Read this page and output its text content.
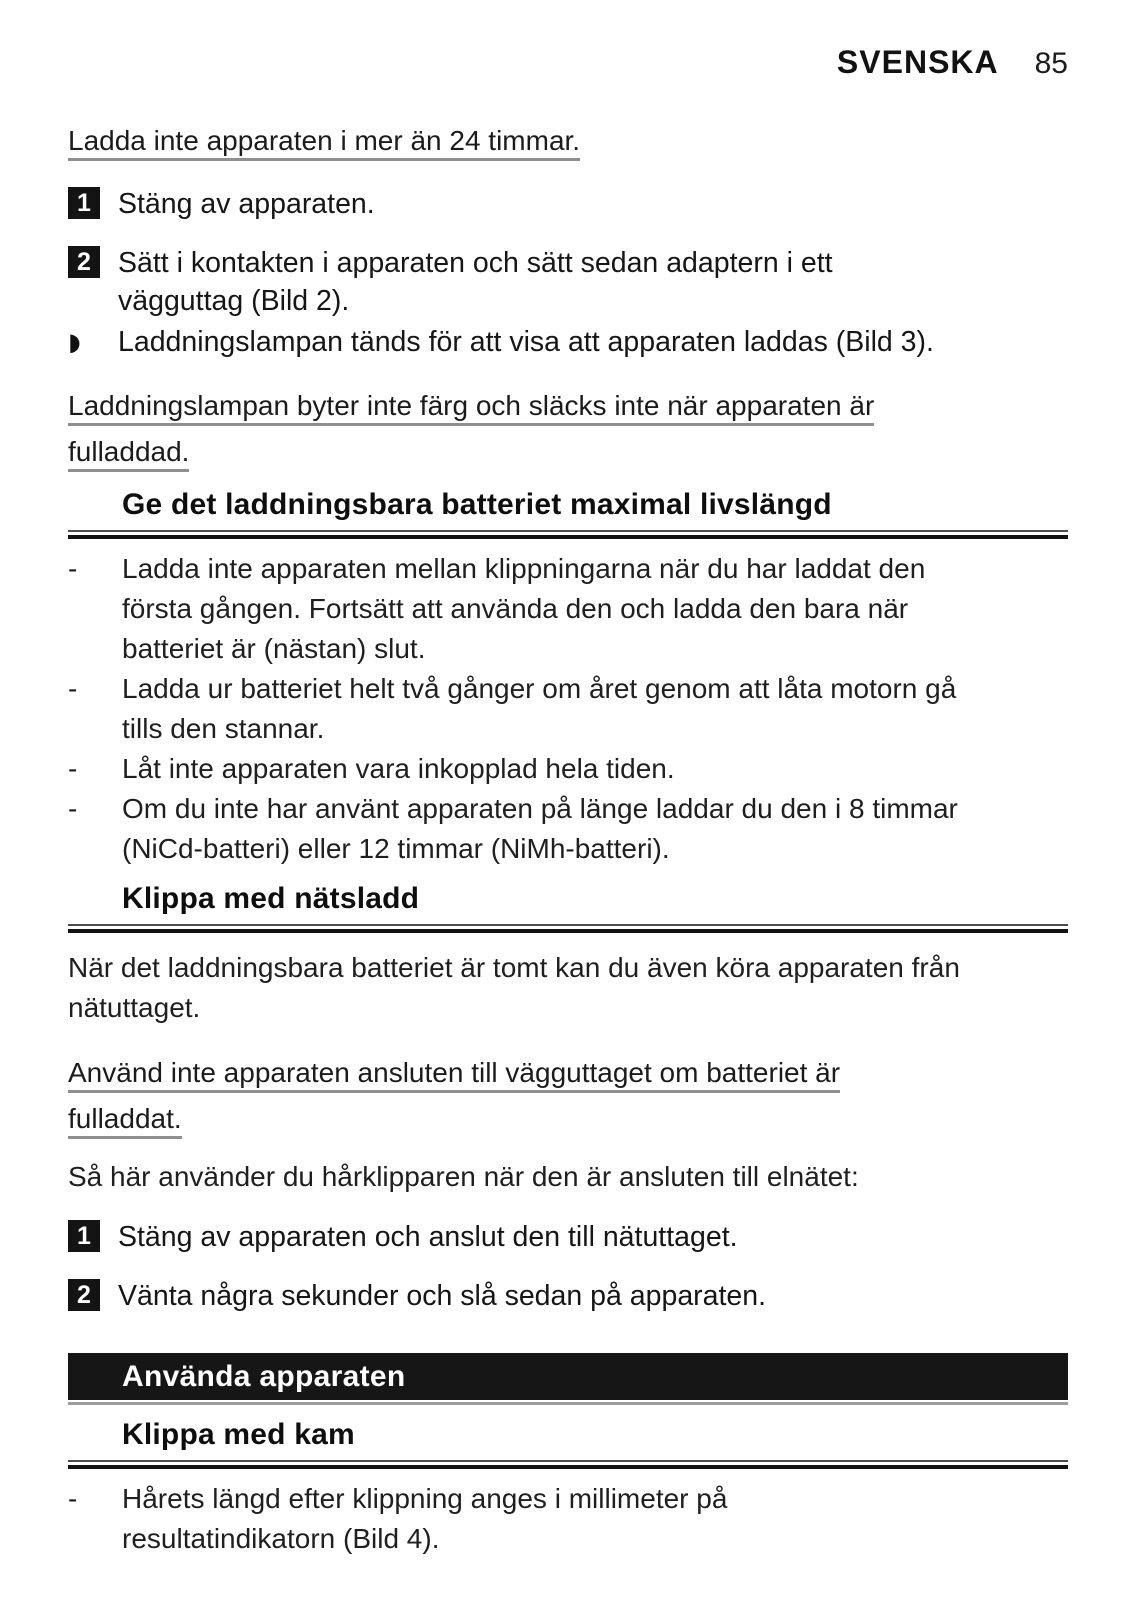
SVENSKA 85
Ladda inte apparaten i mer än 24 timmar.
1 Stäng av apparaten.
2 Sätt i kontakten i apparaten och sätt sedan adaptern i ett
vägguttag (Bild 2).
◗	Laddningslampan tänds för att visa att apparaten laddas (Bild 3).
Laddningslampan byter inte färg och släcks inte när apparaten är
fulladdad.
Ge det laddningsbara batteriet maximal livslängd
-	Ladda inte apparaten mellan klippningarna när du har laddat den
första gången. Fortsätt att använda den och ladda den bara när
batteriet är (nästan) slut.
-	Ladda ur batteriet helt två gånger om året genom att låta motorn gå
tills den stannar.
-	Låt inte apparaten vara inkopplad hela tiden.
-	Om du inte har använt apparaten på länge laddar du den i 8 timmar
(NiCd-batteri) eller 12 timmar (NiMh-batteri).
Klippa med nätsladd
När det laddningsbara batteriet är tomt kan du även köra apparaten från
nätuttaget.
Använd inte apparaten ansluten till vägguttaget om batteriet är
fulladdat.
Så här använder du hårklipparen när den är ansluten till elnätet:
1 Stäng av apparaten och anslut den till nätuttaget.
2 Vänta några sekunder och slå sedan på apparaten.
Använda apparaten
Klippa med kam
-	Hårets längd efter klippning anges i millimeter på
resultatindikatorn (Bild 4).
